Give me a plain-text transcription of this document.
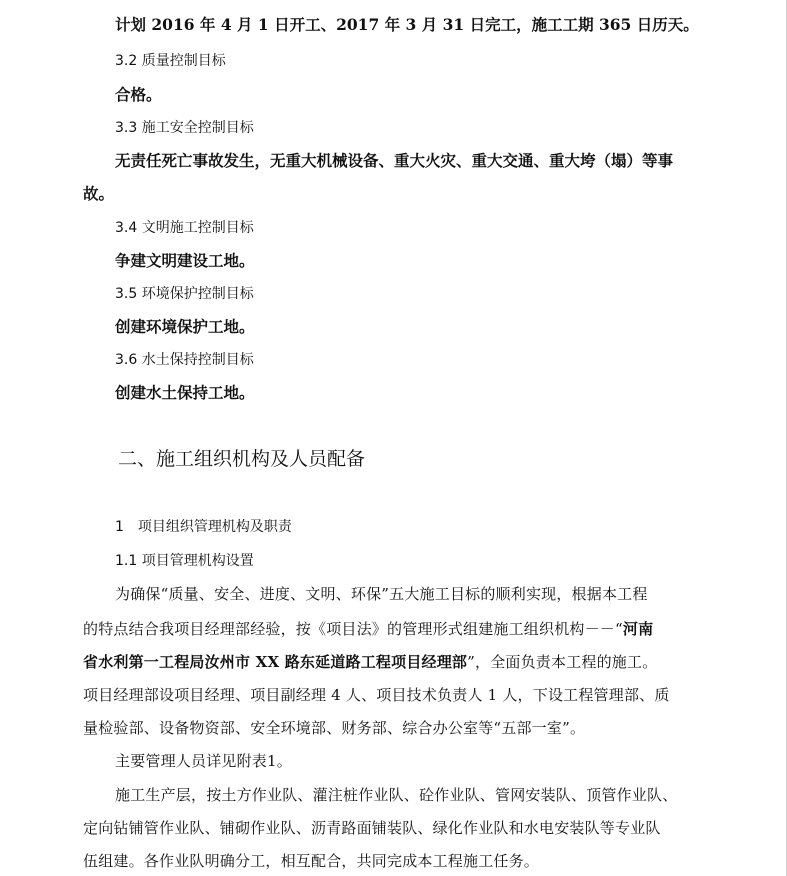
计划 2016 年 4 月 1 日开工、2017 年 3 月 31 日完工，施工工期 365 日历天。
3.2 质量控制目标
合格。
3.3 施工安全控制目标
无责任死亡事故发生，无重大机械设备、重大火灾、重大交通、重大垮（塌）等事
故。
3.4 文明施工控制目标
争建文明建设工地。
3.5 环境保护控制目标
创建环境保护工地。
3.6 水土保持控制目标
创建水土保持工地。
二、施工组织机构及人员配备
1　项目组织管理机构及职责
1.1 项目管理机构设置
为确保“质量、安全、进度、文明、环保”五大施工目标的顺利实现，根据本工程
的特点结合我项目经理部经验，按《项目法》的管理形式组建施工组织机构－－“河南
省水利第一工程局汝州市 XX 路东延道路工程项目经理部”，全面负责本工程的施工。
项目经理部设项目经理、项目副经理 4 人、项目技术负责人 1 人，下设工程管理部、质
量检验部、设备物资部、安全环境部、财务部、综合办公室等“五部一室”。
主要管理人员详见附表1。
施工生产层，按土方作业队、灌注桩作业队、砼作业队、管网安装队、顶管作业队、
定向钻铺管作业队、铺砌作业队、沥青路面铺装队、绿化作业队和水电安装队等专业队
伍组建。各作业队明确分工，相互配合，共同完成本工程施工任务。
